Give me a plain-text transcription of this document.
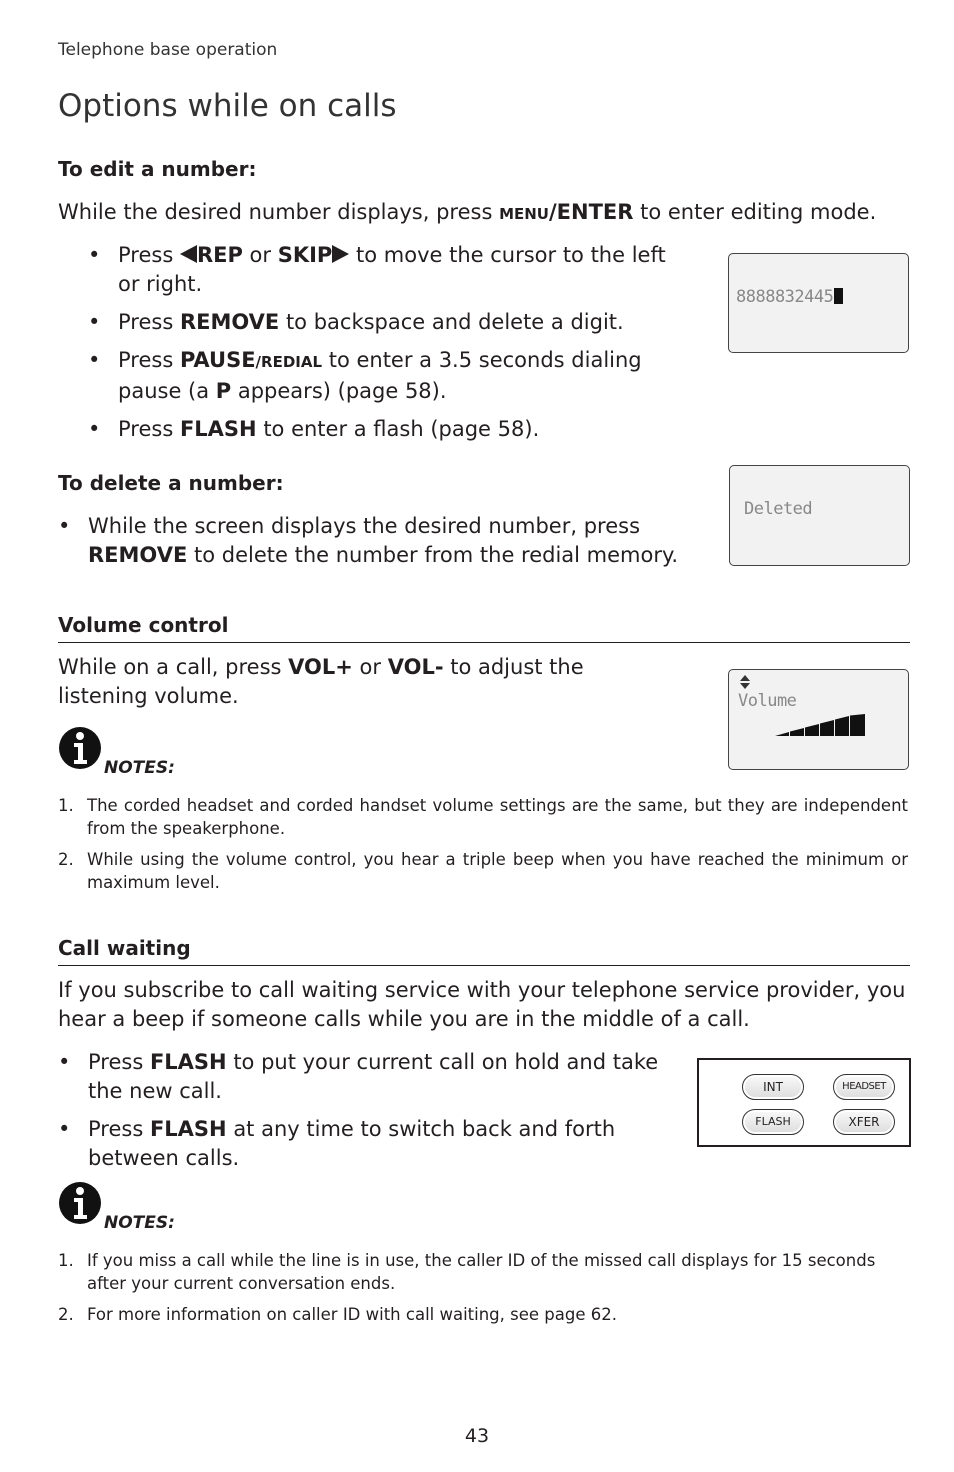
Telephone base operation
Options while on calls
To edit a number:
While the desired number displays, press MENU/ENTER to enter editing mode.
• Press REP or SKIP to move the cursor to the left or right.
• Press REMOVE to backspace and delete a digit.
• Press PAUSE/REDIAL to enter a 3.5 seconds dialing pause (a P appears) (page 58).
• Press FLASH to enter a flash (page 58).
8888832445
To delete a number:
• While the screen displays the desired number, press REMOVE to delete the number from the redial memory.
Deleted
Volume control
While on a call, press VOL+ or VOL- to adjust the listening volume.	Volume
NOTES:
1. The corded headset and corded handset volume settings are the same, but they are independent from the speakerphone.
2. While using the volume control, you hear a triple beep when you have reached the minimum or maximum level.
Call waiting
If you subscribe to call waiting service with your telephone service provider, you hear a beep if someone calls while you are in the middle of a call.
• Press FLASH to put your current call on hold and take the new call.
• Press FLASH at any time to switch back and forth between calls.
INT	HEADSET
FLASH	XFER
NOTES:
1. If you miss a call while the line is in use, the caller ID of the missed call displays for 15 seconds after your current conversation ends.
2. For more information on caller ID with call waiting, see page 62.
43
